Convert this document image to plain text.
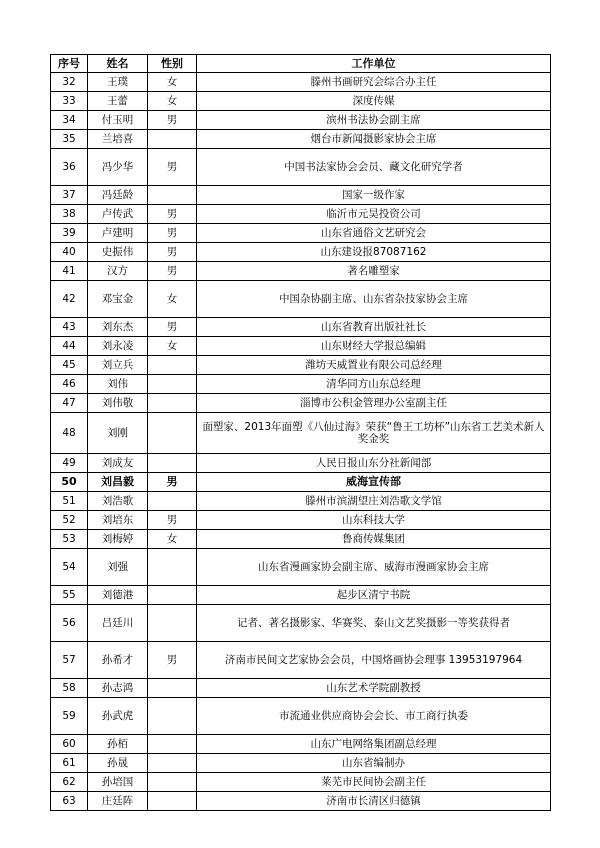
序号	姓名	性别	工作单位
32	王璞	女	滕州书画研究会综合办主任
33	王蕾	女	深度传媒
34	付玉明	男	滨州书法协会副主席
35	兰培喜		烟台市新闻摄影家协会主席
36	冯少华	男	中国书法家协会会员、藏文化研究学者
37	冯廷龄		国家一级作家
38	卢传武	男	临沂市元昊投资公司
39	卢建明	男	山东省通俗文艺研究会
40	史振伟	男	山东建设报87087162
41	汉方	男	著名雕塑家
42	邓宝金	女	中国杂协副主席、山东省杂技家协会主席
43	刘东杰	男	山东省教育出版社社长
44	刘永凌	女	山东财经大学报总编辑
45	刘立兵		潍坊天威置业有限公司总经理
46	刘伟		清华同方山东总经理
47	刘伟敬		淄博市公积金管理办公室副主任
48	刘刚		面塑家、2013年面塑《八仙过海》荣获“鲁王工坊杯”山东省工艺美术新人奖金奖
49	刘成友		人民日报山东分社新闻部
50	刘昌毅	男	威海宣传部
51	刘浩歌		滕州市滨湖望庄刘浩歌文学馆
52	刘培东	男	山东科技大学
53	刘梅婷	女	鲁商传媒集团
54	刘强		山东省漫画家协会副主席、威海市漫画家协会主席
55	刘德港		起步区清宁书院
56	吕廷川		记者、著名摄影家、华赛奖、泰山文艺奖摄影一等奖获得者
57	孙希才	男	济南市民间文艺家协会会员，中国烙画协会理事 13953197964
58	孙志鸿		山东艺术学院副教授
59	孙武虎		市流通业供应商协会会长、市工商行执委
60	孙栢		山东广电网络集团副总经理
61	孙晟		山东省编制办
62	孙培国		莱芜市民间协会副主任
63	庄廷阵		济南市长清区归德镇
